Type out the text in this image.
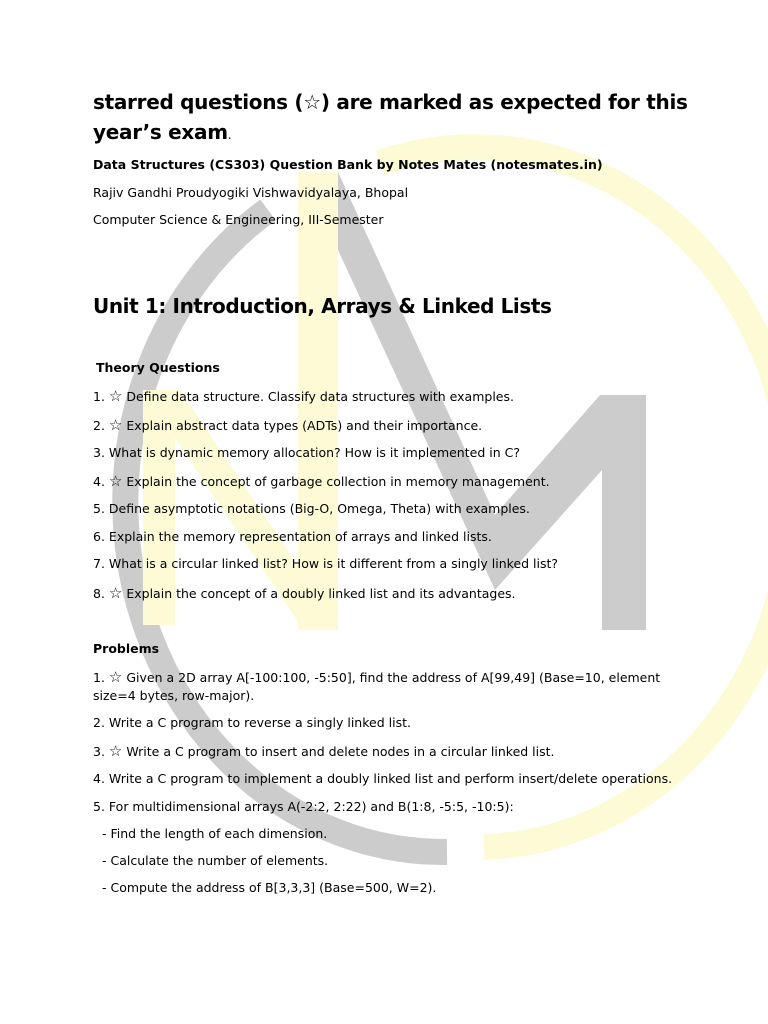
starred questions (☆) are marked as expected for this
year’s exam.
Data Structures (CS303) Question Bank by Notes Mates (notesmates.in)
Rajiv Gandhi Proudyogiki Vishwavidyalaya, Bhopal
Computer Science & Engineering, III-Semester
Unit 1: Introduction, Arrays & Linked Lists
Theory Questions
1. ☆ Define data structure. Classify data structures with examples.
2. ☆ Explain abstract data types (ADTs) and their importance.
3. What is dynamic memory allocation? How is it implemented in C?
4. ☆ Explain the concept of garbage collection in memory management.
5. Define asymptotic notations (Big-O, Omega, Theta) with examples.
6. Explain the memory representation of arrays and linked lists.
7. What is a circular linked list? How is it different from a singly linked list?
8. ☆ Explain the concept of a doubly linked list and its advantages.
Problems
1. ☆ Given a 2D array A[-100:100, -5:50], find the address of A[99,49] (Base=10, element size=4 bytes, row-major).
2. Write a C program to reverse a singly linked list.
3. ☆ Write a C program to insert and delete nodes in a circular linked list.
4. Write a C program to implement a doubly linked list and perform insert/delete operations.
5. For multidimensional arrays A(-2:2, 2:22) and B(1:8, -5:5, -10:5):
- Find the length of each dimension.
- Calculate the number of elements.
- Compute the address of B[3,3,3] (Base=500, W=2).
